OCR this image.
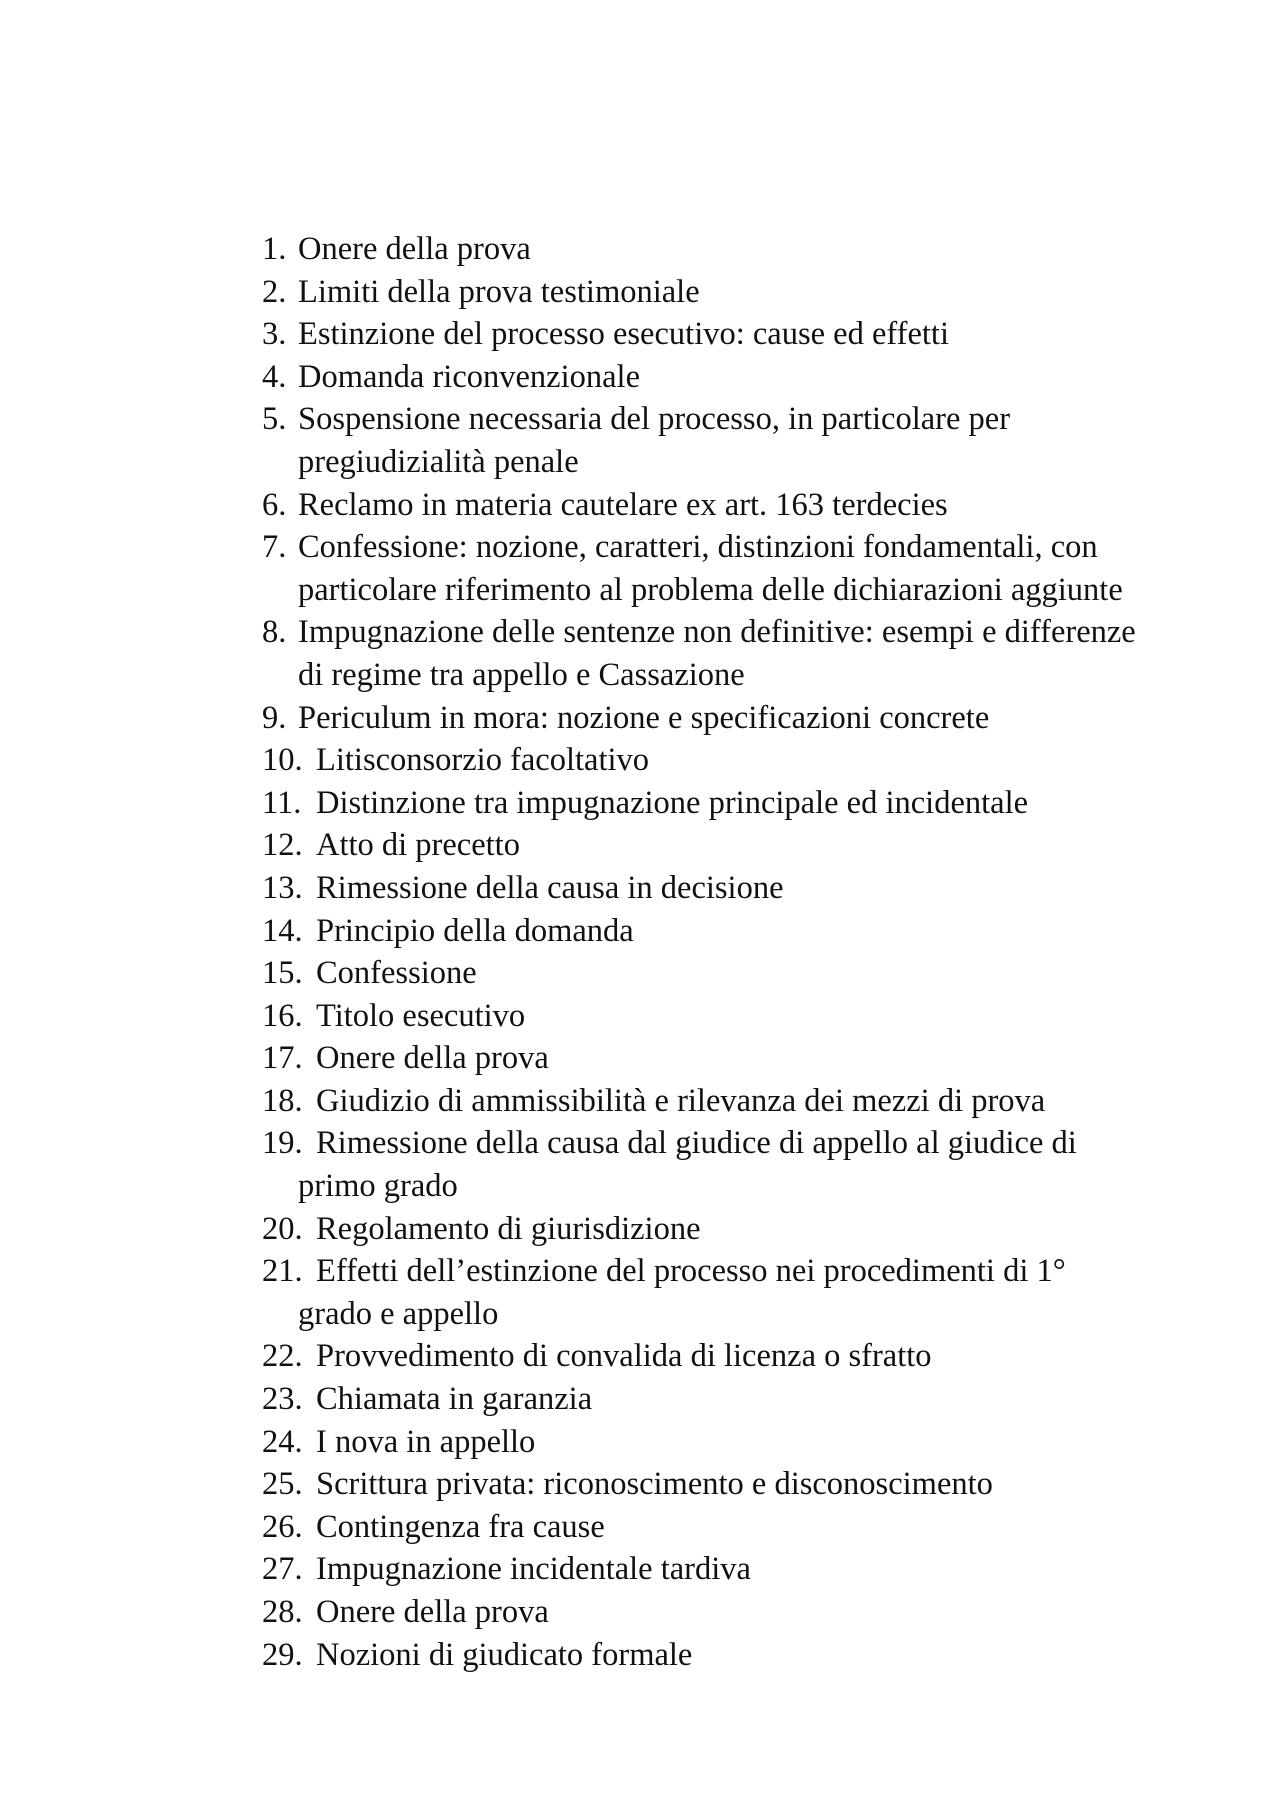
1. Onere della prova
2. Limiti della prova testimoniale
3. Estinzione del processo esecutivo: cause ed effetti
4. Domanda riconvenzionale
5. Sospensione necessaria del processo, in particolare per pregiudizialità penale
6. Reclamo in materia cautelare ex art. 163 terdecies
7. Confessione: nozione, caratteri, distinzioni fondamentali, con particolare riferimento al problema delle dichiarazioni aggiunte
8. Impugnazione delle sentenze non definitive: esempi e differenze di regime tra appello e Cassazione
9. Periculum in mora: nozione e specificazioni concrete
10. Litisconsorzio facoltativo
11. Distinzione tra impugnazione principale ed incidentale
12. Atto di precetto
13. Rimessione della causa in decisione
14. Principio della domanda
15. Confessione
16. Titolo esecutivo
17. Onere della prova
18. Giudizio di ammissibilità e rilevanza dei mezzi di prova
19. Rimessione della causa dal giudice di appello al giudice di primo grado
20. Regolamento di giurisdizione
21. Effetti dell’estinzione del processo nei procedimenti di 1° grado e appello
22. Provvedimento di convalida di licenza o sfratto
23. Chiamata in garanzia
24. I nova in appello
25. Scrittura privata: riconoscimento e disconoscimento
26. Contingenza fra cause
27. Impugnazione incidentale tardiva
28. Onere della prova
29. Nozioni di giudicato formale
